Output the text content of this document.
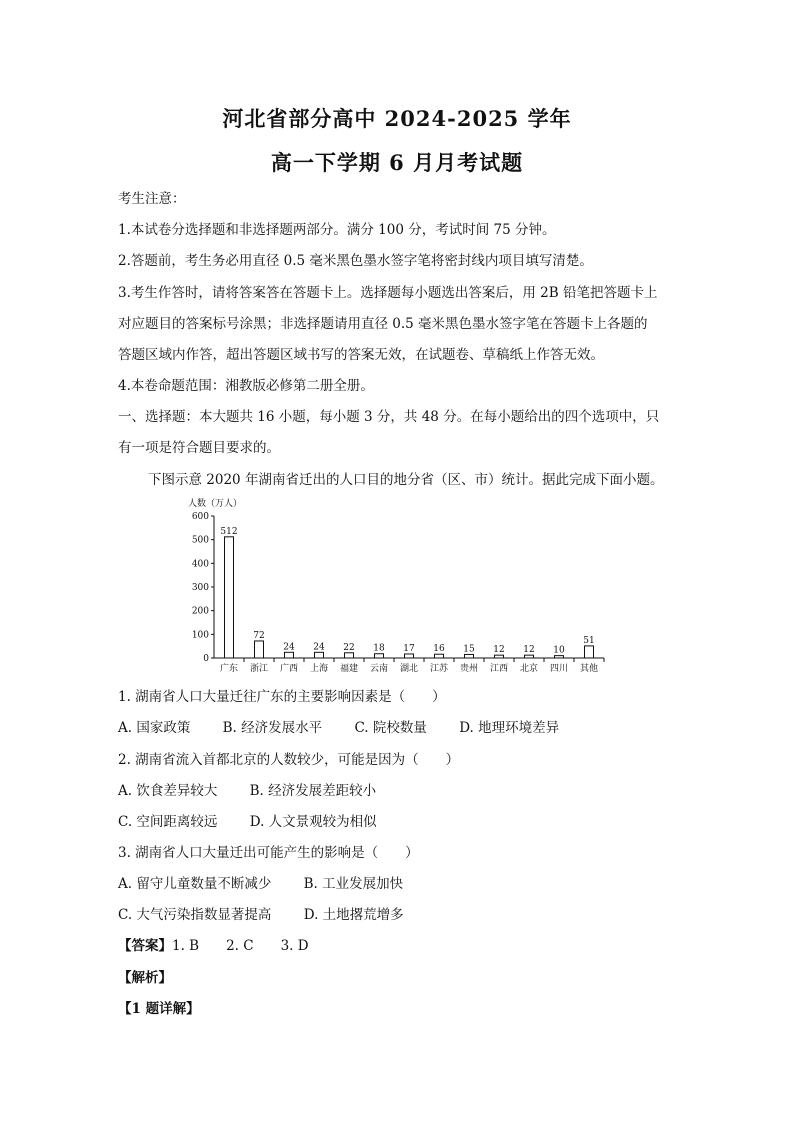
河北省部分高中 2024-2025 学年
高一下学期 6 月月考试题
考生注意：
1.本试卷分选择题和非选择题两部分。满分 100 分，考试时间 75 分钟。
2.答题前，考生务必用直径 0.5 毫米黑色墨水签字笔将密封线内项目填写清楚。
3.考生作答时，请将答案答在答题卡上。选择题每小题选出答案后，用 2B 铅笔把答题卡上
对应题目的答案标号涂黑；非选择题请用直径 0.5 毫米黑色墨水签字笔在答题卡上各题的
答题区域内作答，超出答题区域书写的答案无效，在试题卷、草稿纸上作答无效。
4.本卷命题范围：湘教版必修第二册全册。
一、选择题：本大题共 16 小题，每小题 3 分，共 48 分。在每小题给出的四个选项中，只
有一项是符合题目要求的。
下图示意 2020 年湖南省迁出的人口目的地分省（区、市）统计。据此完成下面小题。
人数（万人）
0
100
200
300
400
500
600
512
广东
72
浙江
24
广西
24
上海
22
福建
18
云南
17
湖北
16
江苏
15
贵州
12
江西
12
北京
10
四川
51
其他
1. 湖南省人口大量迁往广东的主要影响因素是（　　）
A. 国家政策 B. 经济发展水平 C. 院校数量 D. 地理环境差异
2. 湖南省流入首都北京的人数较少，可能是因为（　　）
A. 饮食差异较大 B. 经济发展差距较小
C. 空间距离较远 D. 人文景观较为相似
3. 湖南省人口大量迁出可能产生的影响是（　　）
A. 留守儿童数量不断减少 B. 工业发展加快
C. 大气污染指数显著提高 D. 土地撂荒增多
【答案】1. B　　2. C　　3. D
【解析】
【1 题详解】
